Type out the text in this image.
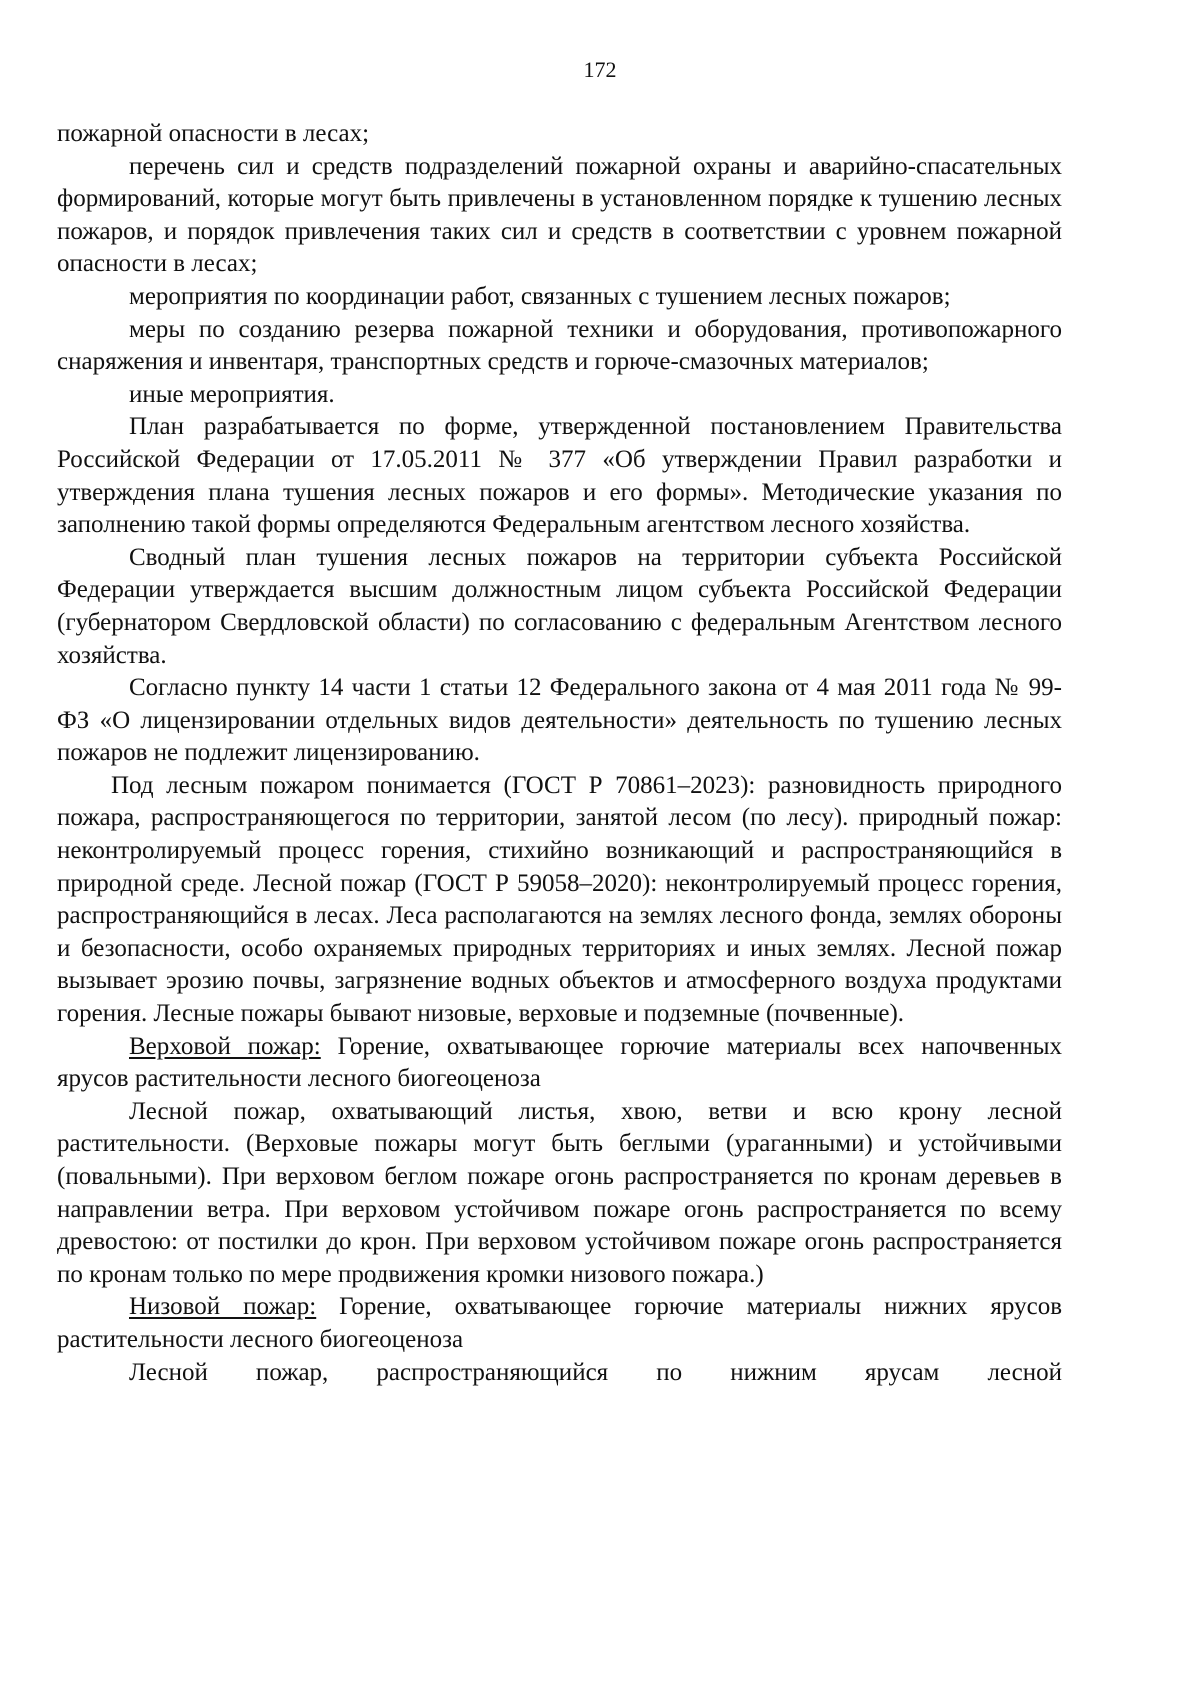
172

пожарной опасности в лесах;

перечень сил и средств подразделений пожарной охраны и аварийно-спасательных формирований, которые могут быть привлечены в установленном порядке к тушению лесных пожаров, и порядок привлечения таких сил и средств в соответствии с уровнем пожарной опасности в лесах;

мероприятия по координации работ, связанных с тушением лесных пожаров;

меры по созданию резерва пожарной техники и оборудования, противопожарного снаряжения и инвентаря, транспортных средств и горюче-смазочных материалов;

иные мероприятия.

План разрабатывается по форме, утвержденной постановлением Правительства Российской Федерации от 17.05.2011 № 377 «Об утверждении Правил разработки и утверждения плана тушения лесных пожаров и его формы». Методические указания по заполнению такой формы определяются Федеральным агентством лесного хозяйства.

Сводный план тушения лесных пожаров на территории субъекта Российской Федерации утверждается высшим должностным лицом субъекта Российской Федерации (губернатором Свердловской области) по согласованию с федеральным Агентством лесного хозяйства.

Согласно пункту 14 части 1 статьи 12 Федерального закона от 4 мая 2011 года № 99-ФЗ «О лицензировании отдельных видов деятельности» деятельность по тушению лесных пожаров не подлежит лицензированию.

Под лесным пожаром понимается (ГОСТ Р 70861–2023): разновидность природного пожара, распространяющегося по территории, занятой лесом (по лесу). природный пожар: неконтролируемый процесс горения, стихийно возникающий и распространяющийся в природной среде. Лесной пожар (ГОСТ Р 59058–2020): неконтролируемый процесс горения, распространяющийся в лесах. Леса располагаются на землях лесного фонда, землях обороны и безопасности, особо охраняемых природных территориях и иных землях. Лесной пожар вызывает эрозию почвы, загрязнение водных объектов и атмосферного воздуха продуктами горения. Лесные пожары бывают низовые, верховые и подземные (почвенные).

Верховой пожар: Горение, охватывающее горючие материалы всех напочвенных ярусов растительности лесного биогеоценоза

Лесной пожар, охватывающий листья, хвою, ветви и всю крону лесной растительности. (Верховые пожары могут быть беглыми (ураганными) и устойчивыми (повальными). При верховом беглом пожаре огонь распространяется по кронам деревьев в направлении ветра. При верховом устойчивом пожаре огонь распространяется по всему древостою: от постилки до крон. При верховом устойчивом пожаре огонь распространяется по кронам только по мере продвижения кромки низового пожара.)

Низовой пожар: Горение, охватывающее горючие материалы нижних ярусов растительности лесного биогеоценоза

Лесной пожар, распространяющийся по нижним ярусам лесной
